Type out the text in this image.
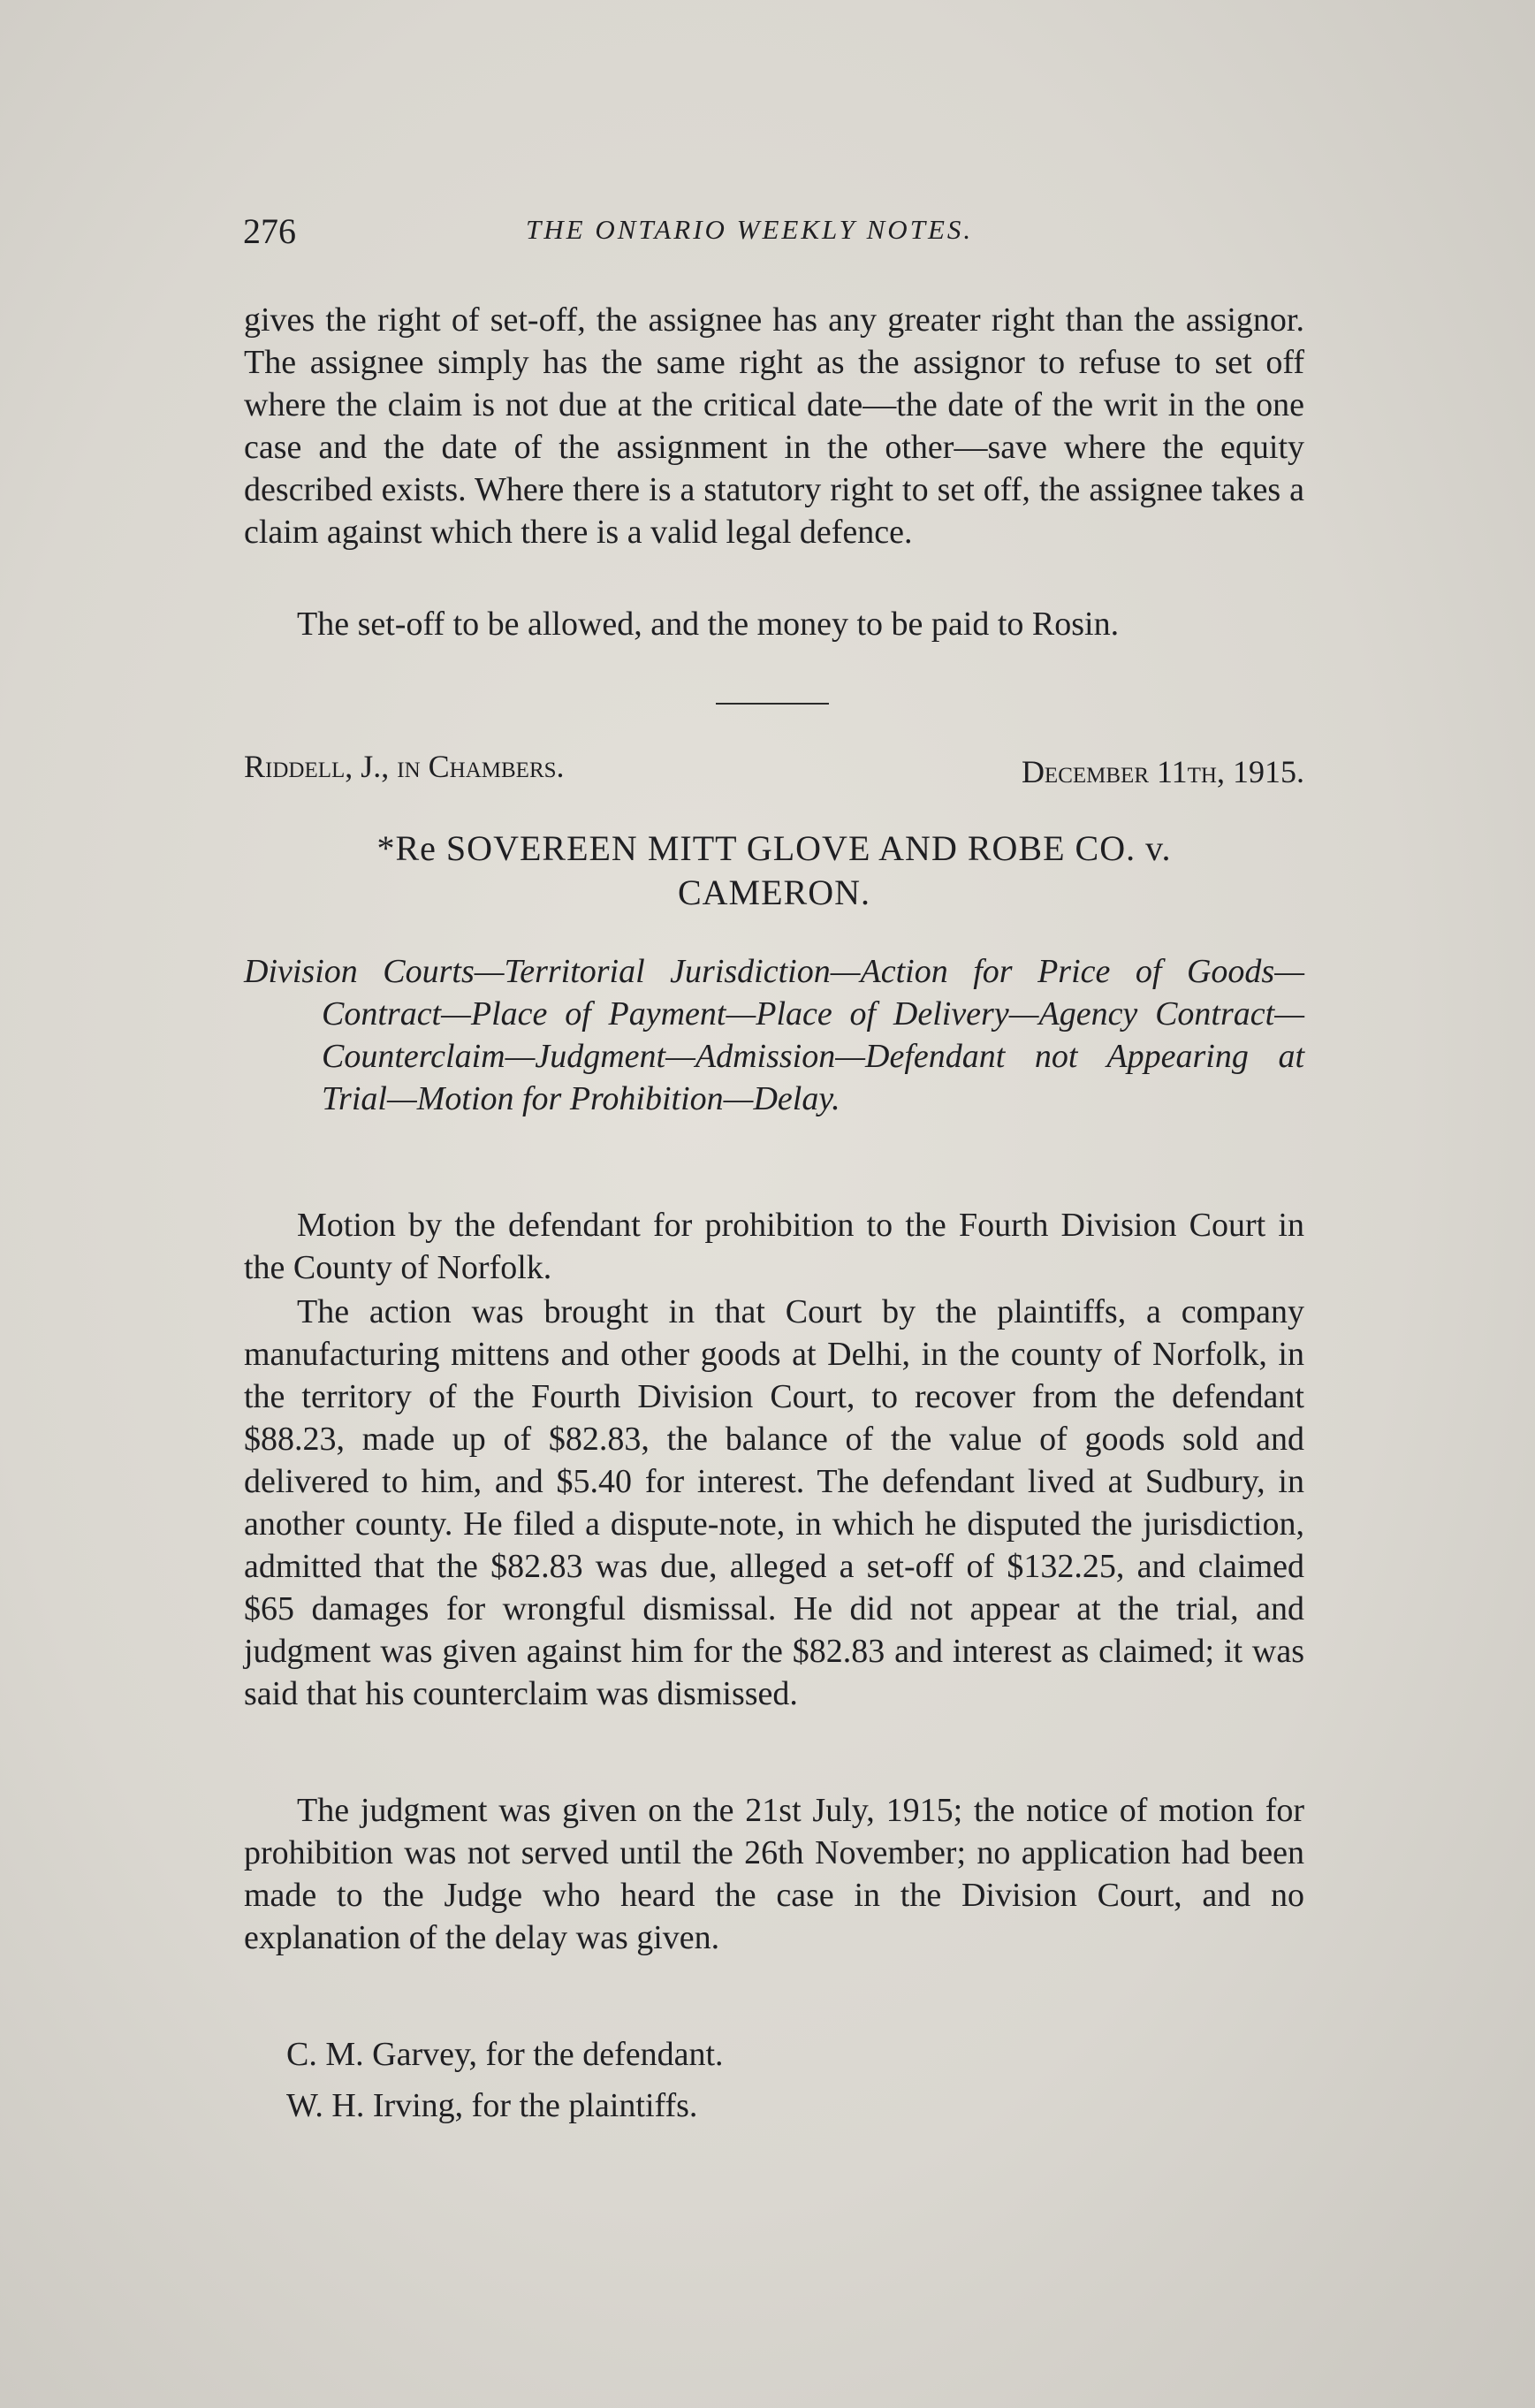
276	THE ONTARIO WEEKLY NOTES.

gives the right of set-off, the assignee has any greater right than the assignor. The assignee simply has the same right as the assignor to refuse to set off where the claim is not due at the critical date—the date of the writ in the one case and the date of the assignment in the other—save where the equity described exists. Where there is a statutory right to set off, the assignee takes a claim against which there is a valid legal defence.

The set-off to be allowed, and the money to be paid to Rosin.

Riddell, J., in Chambers.	December 11th, 1915.
*Re SOVEREEN MITT GLOVE AND ROBE CO. v.
CAMERON.
Division Courts—Territorial Jurisdiction—Action for Price of Goods—Contract—Place of Payment—Place of Delivery—Agency Contract—Counterclaim—Judgment—Admission—Defendant not Appearing at Trial—Motion for Prohibition—Delay.

Motion by the defendant for prohibition to the Fourth Division Court in the County of Norfolk.

The action was brought in that Court by the plaintiffs, a company manufacturing mittens and other goods at Delhi, in the county of Norfolk, in the territory of the Fourth Division Court, to recover from the defendant $88.23, made up of $82.83, the balance of the value of goods sold and delivered to him, and $5.40 for interest. The defendant lived at Sudbury, in another county. He filed a dispute-note, in which he disputed the jurisdiction, admitted that the $82.83 was due, alleged a set-off of $132.25, and claimed $65 damages for wrongful dismissal. He did not appear at the trial, and judgment was given against him for the $82.83 and interest as claimed; it was said that his counterclaim was dismissed.

The judgment was given on the 21st July, 1915; the notice of motion for prohibition was not served until the 26th November; no application had been made to the Judge who heard the case in the Division Court, and no explanation of the delay was given.

C. M. Garvey, for the defendant.
W. H. Irving, for the plaintiffs.
